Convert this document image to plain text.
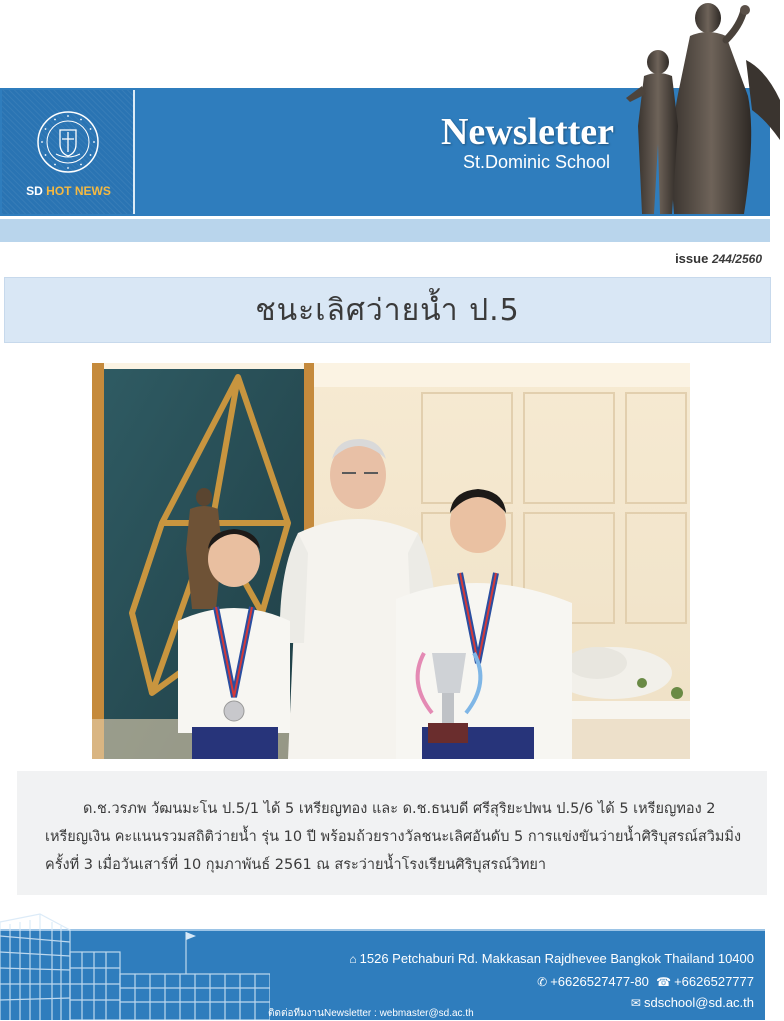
SD HOT NEWS
Newsletter
St.Dominic School
issue 244/2560
ชนะเลิศว่ายน้ำ ป.5

ด.ช.วรภพ วัฒนมะโน ป.5/1 ได้ 5 เหรียญทอง และ ด.ช.ธนบดี ศรีสุริยะปพน ป.5/6 ได้ 5 เหรียญทอง 2 เหรียญเงิน คะแนนรวมสถิติว่ายน้ำ รุ่น 10 ปี พร้อมถ้วยรางวัลชนะเลิศอันดับ 5 การแข่งขันว่ายน้ำศิริบุสรณ์สวิมมิ่ง ครั้งที่ 3 เมื่อวันเสาร์ที่ 10 กุมภาพันธ์ 2561 ณ สระว่ายน้ำโรงเรียนศิริบุสรณ์วิทยา

⌂ 1526 Petchaburi Rd. Makkasan Rajdhevee Bangkok Thailand 10400
✆ +6626527477-80 ☎ +6626527777
✉ sdschool@sd.ac.th
ติดต่อทีมงานNewsletter : webmaster@sd.ac.th
